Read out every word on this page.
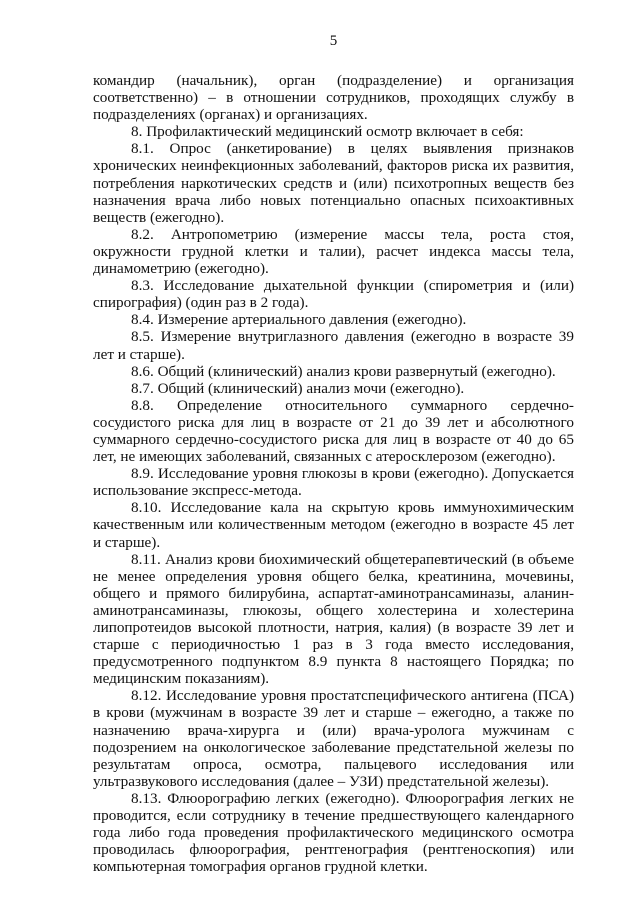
5

командир (начальник), орган (подразделение) и организация соответственно) – в отношении сотрудников, проходящих службу в подразделениях (органах) и организациях.

8. Профилактический медицинский осмотр включает в себя:

8.1. Опрос (анкетирование) в целях выявления признаков хронических неинфекционных заболеваний, факторов риска их развития, потребления наркотических средств и (или) психотропных веществ без назначения врача либо новых потенциально опасных психоактивных веществ (ежегодно).

8.2. Антропометрию (измерение массы тела, роста стоя, окружности грудной клетки и талии), расчет индекса массы тела, динамометрию (ежегодно).

8.3. Исследование дыхательной функции (спирометрия и (или) спирография) (один раз в 2 года).

8.4. Измерение артериального давления (ежегодно).

8.5. Измерение внутриглазного давления (ежегодно в возрасте 39 лет и старше).

8.6. Общий (клинический) анализ крови развернутый (ежегодно).

8.7. Общий (клинический) анализ мочи (ежегодно).

8.8. Определение относительного суммарного сердечно-сосудистого риска для лиц в возрасте от 21 до 39 лет и абсолютного суммарного сердечно-сосудистого риска для лиц в возрасте от 40 до 65 лет, не имеющих заболеваний, связанных с атеросклерозом (ежегодно).

8.9. Исследование уровня глюкозы в крови (ежегодно). Допускается использование экспресс-метода.

8.10. Исследование кала на скрытую кровь иммунохимическим качественным или количественным методом (ежегодно в возрасте 45 лет и старше).

8.11. Анализ крови биохимический общетерапевтический (в объеме не менее определения уровня общего белка, креатинина, мочевины, общего и прямого билирубина, аспартат-аминотрансаминазы, аланин-аминотрансаминазы, глюкозы, общего холестерина и холестерина липопротеидов высокой плотности, натрия, калия) (в возрасте 39 лет и старше с периодичностью 1 раз в 3 года вместо исследования, предусмотренного подпунктом 8.9 пункта 8 настоящего Порядка; по медицинским показаниям).

8.12. Исследование уровня простатспецифического антигена (ПСА) в крови (мужчинам в возрасте 39 лет и старше – ежегодно, а также по назначению врача-хирурга и (или) врача-уролога мужчинам с подозрением на онкологическое заболевание предстательной железы по результатам опроса, осмотра, пальцевого исследования или ультразвукового исследования (далее – УЗИ) предстательной железы).

8.13. Флюорографию легких (ежегодно). Флюорография легких не проводится, если сотруднику в течение предшествующего календарного года либо года проведения профилактического медицинского осмотра проводилась флюорография, рентгенография (рентгеноскопия) или компьютерная томография органов грудной клетки.
